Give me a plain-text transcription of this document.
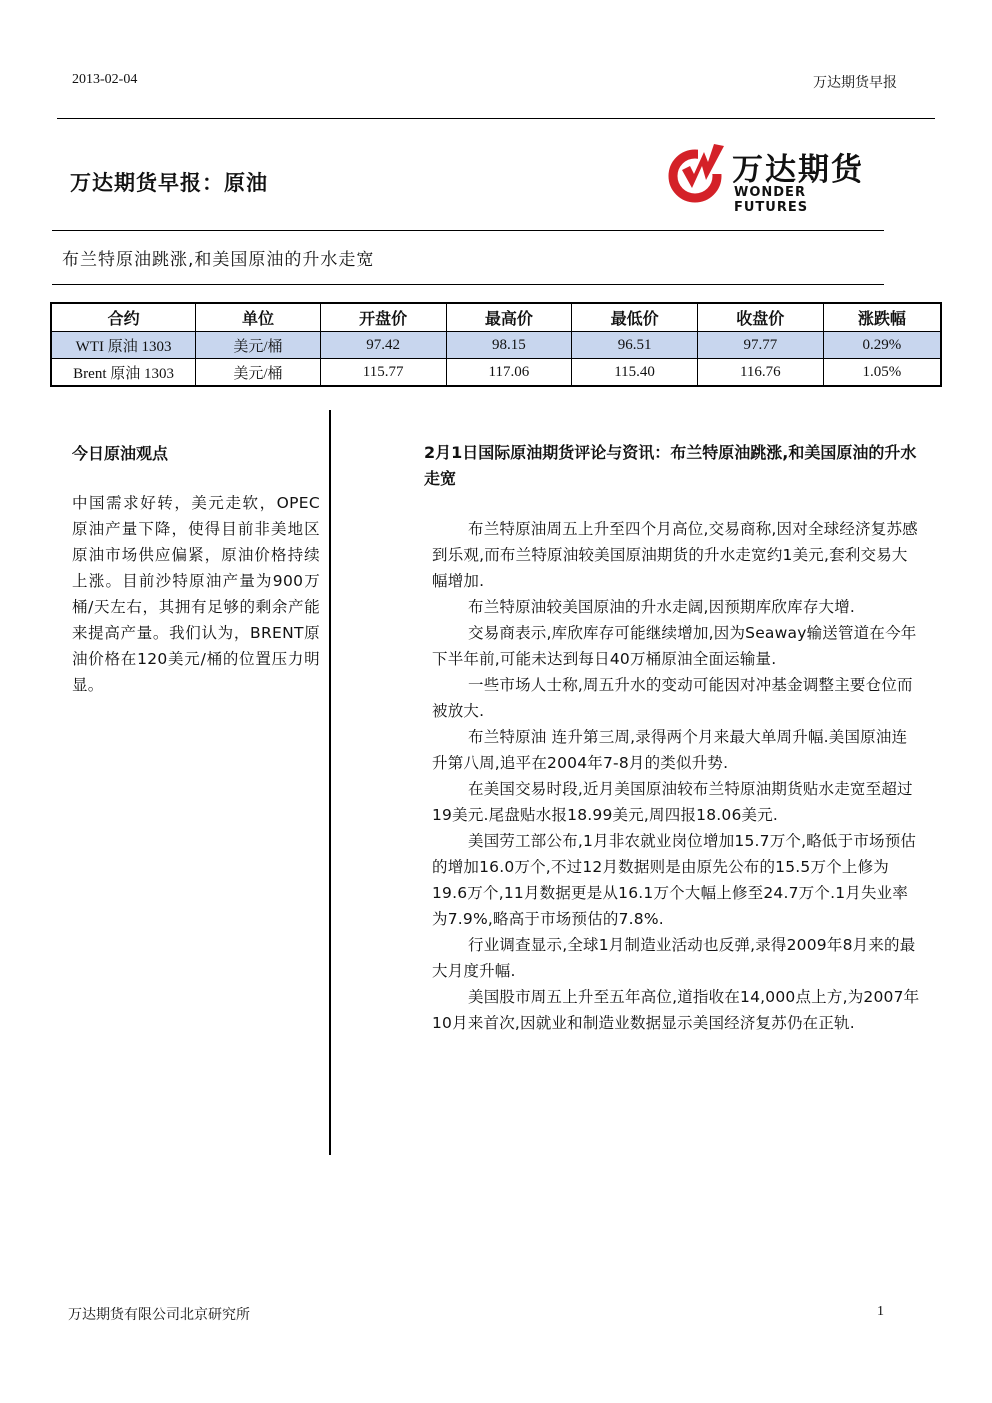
2013-02-04	万达期货早报
万达期货早报：原油	万达期货
WONDER FUTURES
布兰特原油跳涨,和美国原油的升水走宽
合约	单位	开盘价	最高价	最低价	收盘价	涨跌幅
WTI 原油 1303	美元/桶	97.42	98.15	96.51	97.77	0.29%
Brent 原油 1303	美元/桶	115.77	117.06	115.40	116.76	1.05%
今日原油观点
中国需求好转，美元走软，OPEC原油产量下降，使得目前非美地区原油市场供应偏紧，原油价格持续上涨。目前沙特原油产量为900万桶/天左右，其拥有足够的剩余产能来提高产量。我们认为，BRENT原油价格在120美元/桶的位置压力明显。
2月1日国际原油期货评论与资讯：布兰特原油跳涨,和美国原油的升水走宽

布兰特原油周五上升至四个月高位,交易商称,因对全球经济复苏感到乐观,而布兰特原油较美国原油期货的升水走宽约1美元,套利交易大幅增加.

布兰特原油较美国原油的升水走阔,因预期库欣库存大增.

交易商表示,库欣库存可能继续增加,因为Seaway输送管道在今年下半年前,可能未达到每日40万桶原油全面运输量.

一些市场人士称,周五升水的变动可能因对冲基金调整主要仓位而被放大.

布兰特原油 连升第三周,录得两个月来最大单周升幅.美国原油连升第八周,追平在2004年7-8月的类似升势.

在美国交易时段,近月美国原油较布兰特原油期货贴水走宽至超过19美元.尾盘贴水报18.99美元,周四报18.06美元.

美国劳工部公布,1月非农就业岗位增加15.7万个,略低于市场预估的增加16.0万个,不过12月数据则是由原先公布的15.5万个上修为19.6万个,11月数据更是从16.1万个大幅上修至24.7万个.1月失业率为7.9%,略高于市场预估的7.8%.

行业调查显示,全球1月制造业活动也反弹,录得2009年8月来的最大月度升幅.

美国股市周五上升至五年高位,道指收在14,000点上方,为2007年10月来首次,因就业和制造业数据显示美国经济复苏仍在正轨.

万达期货有限公司北京研究所	1
